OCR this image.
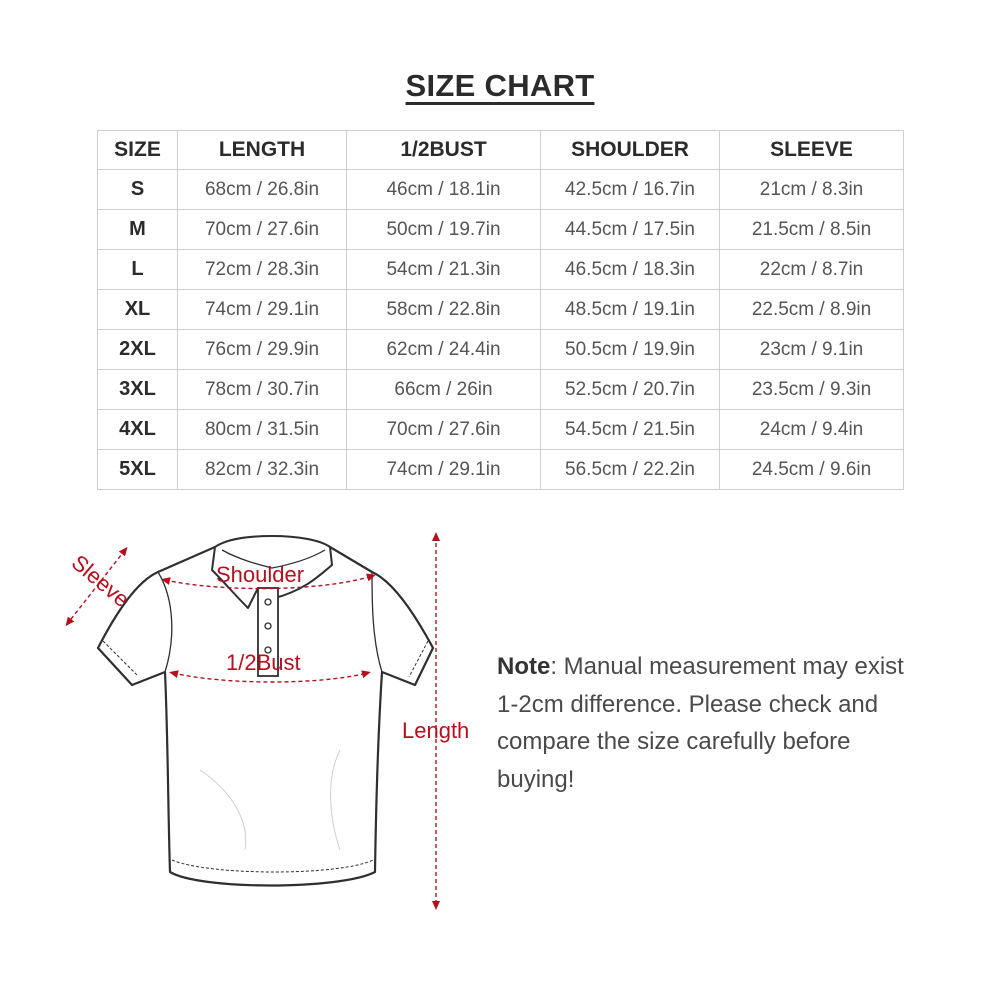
SIZE CHART
SIZE	LENGTH	1/2BUST	SHOULDER	SLEEVE
S	68cm / 26.8in	46cm / 18.1in	42.5cm / 16.7in	21cm / 8.3in
M	70cm / 27.6in	50cm / 19.7in	44.5cm / 17.5in	21.5cm / 8.5in
L	72cm / 28.3in	54cm / 21.3in	46.5cm / 18.3in	22cm / 8.7in
XL	74cm / 29.1in	58cm / 22.8in	48.5cm / 19.1in	22.5cm / 8.9in
2XL	76cm / 29.9in	62cm / 24.4in	50.5cm / 19.9in	23cm / 9.1in
3XL	78cm / 30.7in	66cm / 26in	52.5cm / 20.7in	23.5cm / 9.3in
4XL	80cm / 31.5in	70cm / 27.6in	54.5cm / 21.5in	24cm / 9.4in
5XL	82cm / 32.3in	74cm / 29.1in	56.5cm / 22.2in	24.5cm / 9.6in
Shoulder
1/2Bust
Length
Sleeve
Note: Manual measurement may exist 1-2cm difference. Please check and compare the size carefully before buying!
